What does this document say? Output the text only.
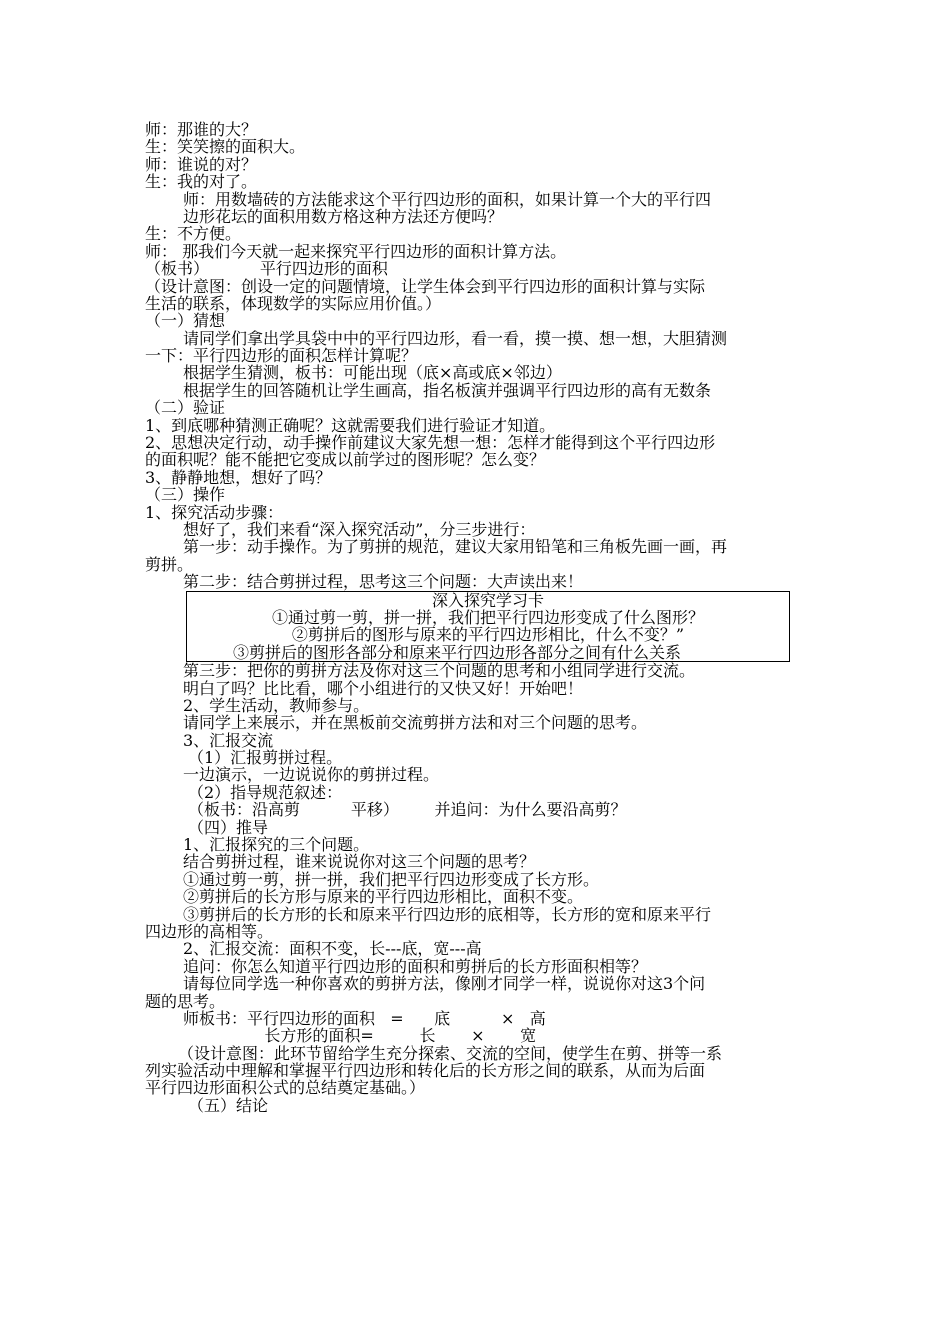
师：那谁的大？
生：笑笑擦的面积大。
师：谁说的对？
生：我的对了。
师：用数墙砖的方法能求这个平行四边形的面积，如果计算一个大的平行四
边形花坛的面积用数方格这种方法还方便吗？
生：不方便。
师： 那我们今天就一起来探究平行四边形的面积计算方法。
（板书）          平行四边形的面积
（设计意图：创设一定的问题情境，让学生体会到平行四边形的面积计算与实际
生活的联系，体现数学的实际应用价值。）
（一）猜想
请同学们拿出学具袋中中的平行四边形，看一看，摸一摸、想一想，大胆猜测
一下：平行四边形的面积怎样计算呢？
根据学生猜测，板书：可能出现（底×高或底×邻边）
根据学生的回答随机让学生画高，指名板演并强调平行四边形的高有无数条
（二）验证
1、到底哪种猜测正确呢？这就需要我们进行验证才知道。
2、思想决定行动，动手操作前建议大家先想一想：怎样才能得到这个平行四边形
的面积呢？能不能把它变成以前学过的图形呢？怎么变？
3、静静地想，想好了吗？
（三）操作
1、探究活动步骤：
想好了，我们来看“深入探究活动”，分三步进行：
第一步：动手操作。为了剪拼的规范，建议大家用铅笔和三角板先画一画，再
剪拼。
第二步：结合剪拼过程，思考这三个问题：大声读出来！
深入探究学习卡
①通过剪一剪，拼一拼，我们把平行四边形变成了什么图形？
②剪拼后的图形与原来的平行四边形相比，什么不变？”
③剪拼后的图形各部分和原来平行四边形各部分之间有什么关系
第三步：把你的剪拼方法及你对这三个问题的思考和小组同学进行交流。
明白了吗？比比看，哪个小组进行的又快又好！开始吧！
2、学生活动，教师参与。
请同学上来展示，并在黑板前交流剪拼方法和对三个问题的思考。
3、汇报交流
（1）汇报剪拼过程。
一边演示，一边说说你的剪拼过程。
（2）指导规范叙述：
（板书：沿高剪          平移）       并追问：为什么要沿高剪？
（四）推导
1、汇报探究的三个问题。
结合剪拼过程，谁来说说你对这三个问题的思考？
①通过剪一剪，拼一拼，我们把平行四边形变成了长方形。
②剪拼后的长方形与原来的平行四边形相比，面积不变。
③剪拼后的长方形的长和原来平行四边形的底相等，长方形的宽和原来平行
四边形的高相等。
2、汇报交流：面积不变，长---底，宽---高
追问：你怎么知道平行四边形的面积和剪拼后的长方形面积相等？
请每位同学选一种你喜欢的剪拼方法，像刚才同学一样，说说你对这3个问
题的思考。
师板书：平行四边形的面积   =      底          ×   高
长方形的面积=         长       ×       宽
（设计意图：此环节留给学生充分探索、交流的空间，使学生在剪、拼等一系
列实验活动中理解和掌握平行四边形和转化后的长方形之间的联系，从而为后面
平行四边形面积公式的总结奠定基础。）
（五）结论
